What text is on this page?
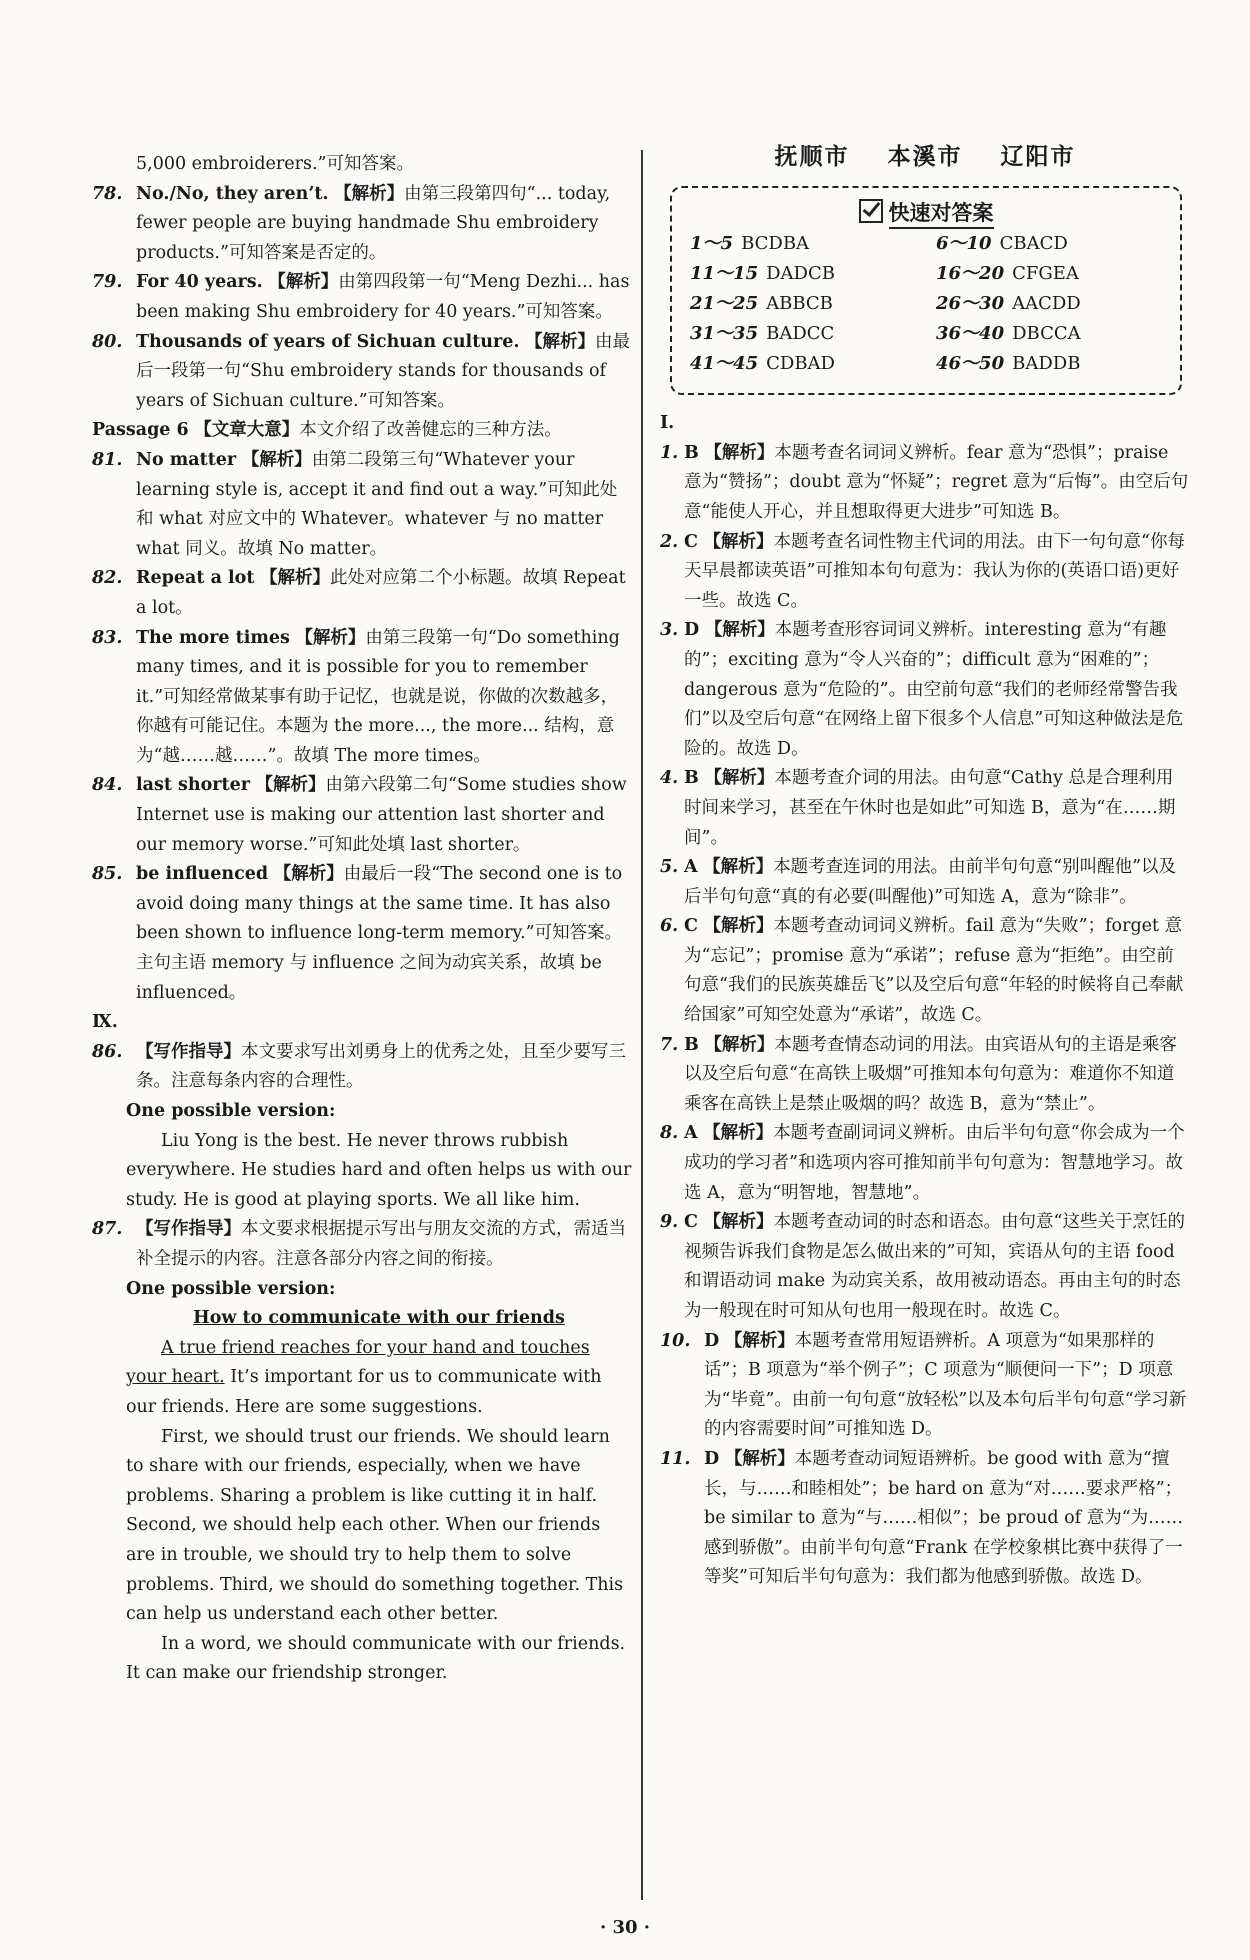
5,000 embroiderers.”可知答案。
78. No./No, they aren’t. 【解析】由第三段第四句“... today, fewer people are buying handmade Shu embroidery products.”可知答案是否定的。
79. For 40 years. 【解析】由第四段第一句“Meng Dezhi... has been making Shu embroidery for 40 years.”可知答案。
80. Thousands of years of Sichuan culture. 【解析】由最后一段第一句“Shu embroidery stands for thousands of years of Sichuan culture.”可知答案。
Passage 6 【文章大意】本文介绍了改善健忘的三种方法。
81. No matter 【解析】由第二段第三句“Whatever your learning style is, accept it and find out a way.”可知此处和 what 对应文中的 Whatever。whatever 与 no matter what 同义。故填 No matter。
82. Repeat a lot 【解析】此处对应第二个小标题。故填 Repeat a lot。
83. The more times 【解析】由第三段第一句“Do something many times, and it is possible for you to remember it.”可知经常做某事有助于记忆，也就是说，你做的次数越多，你越有可能记住。本题为 the more..., the more... 结构，意为“越……越……”。故填 The more times。
84. last shorter 【解析】由第六段第二句“Some studies show Internet use is making our attention last shorter and our memory worse.”可知此处填 last shorter。
85. be influenced 【解析】由最后一段“The second one is to avoid doing many things at the same time. It has also been shown to influence long-term memory.”可知答案。主句主语 memory 与 influence 之间为动宾关系，故填 be influenced。
Ⅸ.
86. 【写作指导】本文要求写出刘勇身上的优秀之处，且至少要写三条。注意每条内容的合理性。
One possible version:

Liu Yong is the best. He never throws rubbish everywhere. He studies hard and often helps us with our study. He is good at playing sports. We all like him.

87. 【写作指导】本文要求根据提示写出与朋友交流的方式，需适当补全提示的内容。注意各部分内容之间的衔接。
One possible version:
How to communicate with our friends

A true friend reaches for your hand and touches your heart. It’s important for us to communicate with our friends. Here are some suggestions.

First, we should trust our friends. We should learn to share with our friends, especially, when we have problems. Sharing a problem is like cutting it in half. Second, we should help each other. When our friends are in trouble, we should try to help them to solve problems. Third, we should do something together. This can help us understand each other better.

In a word, we should communicate with our friends. It can make our friendship stronger.

抚顺市 本溪市 辽阳市
快速对答案
1～5 BCDBA	6～10 CBACD
11～15 DADCB	16～20 CFGEA
21～25 ABBCB	26～30 AACDD
31～35 BADCC	36～40 DBCCA
41～45 CDBAD	46～50 BADDB
Ⅰ.
1. B 【解析】本题考查名词词义辨析。fear 意为“恐惧”；praise 意为“赞扬”；doubt 意为“怀疑”；regret 意为“后悔”。由空后句意“能使人开心，并且想取得更大进步”可知选 B。
2. C 【解析】本题考查名词性物主代词的用法。由下一句句意“你每天早晨都读英语”可推知本句句意为：我认为你的(英语口语)更好一些。故选 C。
3. D 【解析】本题考查形容词词义辨析。interesting 意为“有趣的”；exciting 意为“令人兴奋的”；difficult 意为“困难的”；dangerous 意为“危险的”。由空前句意“我们的老师经常警告我们”以及空后句意“在网络上留下很多个人信息”可知这种做法是危险的。故选 D。
4. B 【解析】本题考查介词的用法。由句意“Cathy 总是合理利用时间来学习，甚至在午休时也是如此”可知选 B，意为“在……期间”。
5. A 【解析】本题考查连词的用法。由前半句句意“别叫醒他”以及后半句句意“真的有必要(叫醒他)”可知选 A，意为“除非”。
6. C 【解析】本题考查动词词义辨析。fail 意为“失败”；forget 意为“忘记”；promise 意为“承诺”；refuse 意为“拒绝”。由空前句意“我们的民族英雄岳飞”以及空后句意“年轻的时候将自己奉献给国家”可知空处意为“承诺”，故选 C。
7. B 【解析】本题考查情态动词的用法。由宾语从句的主语是乘客以及空后句意“在高铁上吸烟”可推知本句句意为：难道你不知道乘客在高铁上是禁止吸烟的吗？故选 B，意为“禁止”。
8. A 【解析】本题考查副词词义辨析。由后半句句意“你会成为一个成功的学习者”和选项内容可推知前半句句意为：智慧地学习。故选 A，意为“明智地，智慧地”。
9. C 【解析】本题考查动词的时态和语态。由句意“这些关于烹饪的视频告诉我们食物是怎么做出来的”可知，宾语从句的主语 food 和谓语动词 make 为动宾关系，故用被动语态。再由主句的时态为一般现在时可知从句也用一般现在时。故选 C。
10. D 【解析】本题考查常用短语辨析。A 项意为“如果那样的话”；B 项意为“举个例子”；C 项意为“顺便问一下”；D 项意为“毕竟”。由前一句句意“放轻松”以及本句后半句句意“学习新的内容需要时间”可推知选 D。
11. D 【解析】本题考查动词短语辨析。be good with 意为“擅长，与……和睦相处”；be hard on 意为“对……要求严格”；be similar to 意为“与……相似”；be proud of 意为“为……感到骄傲”。由前半句句意“Frank 在学校象棋比赛中获得了一等奖”可知后半句句意为：我们都为他感到骄傲。故选 D。
· 30 ·
